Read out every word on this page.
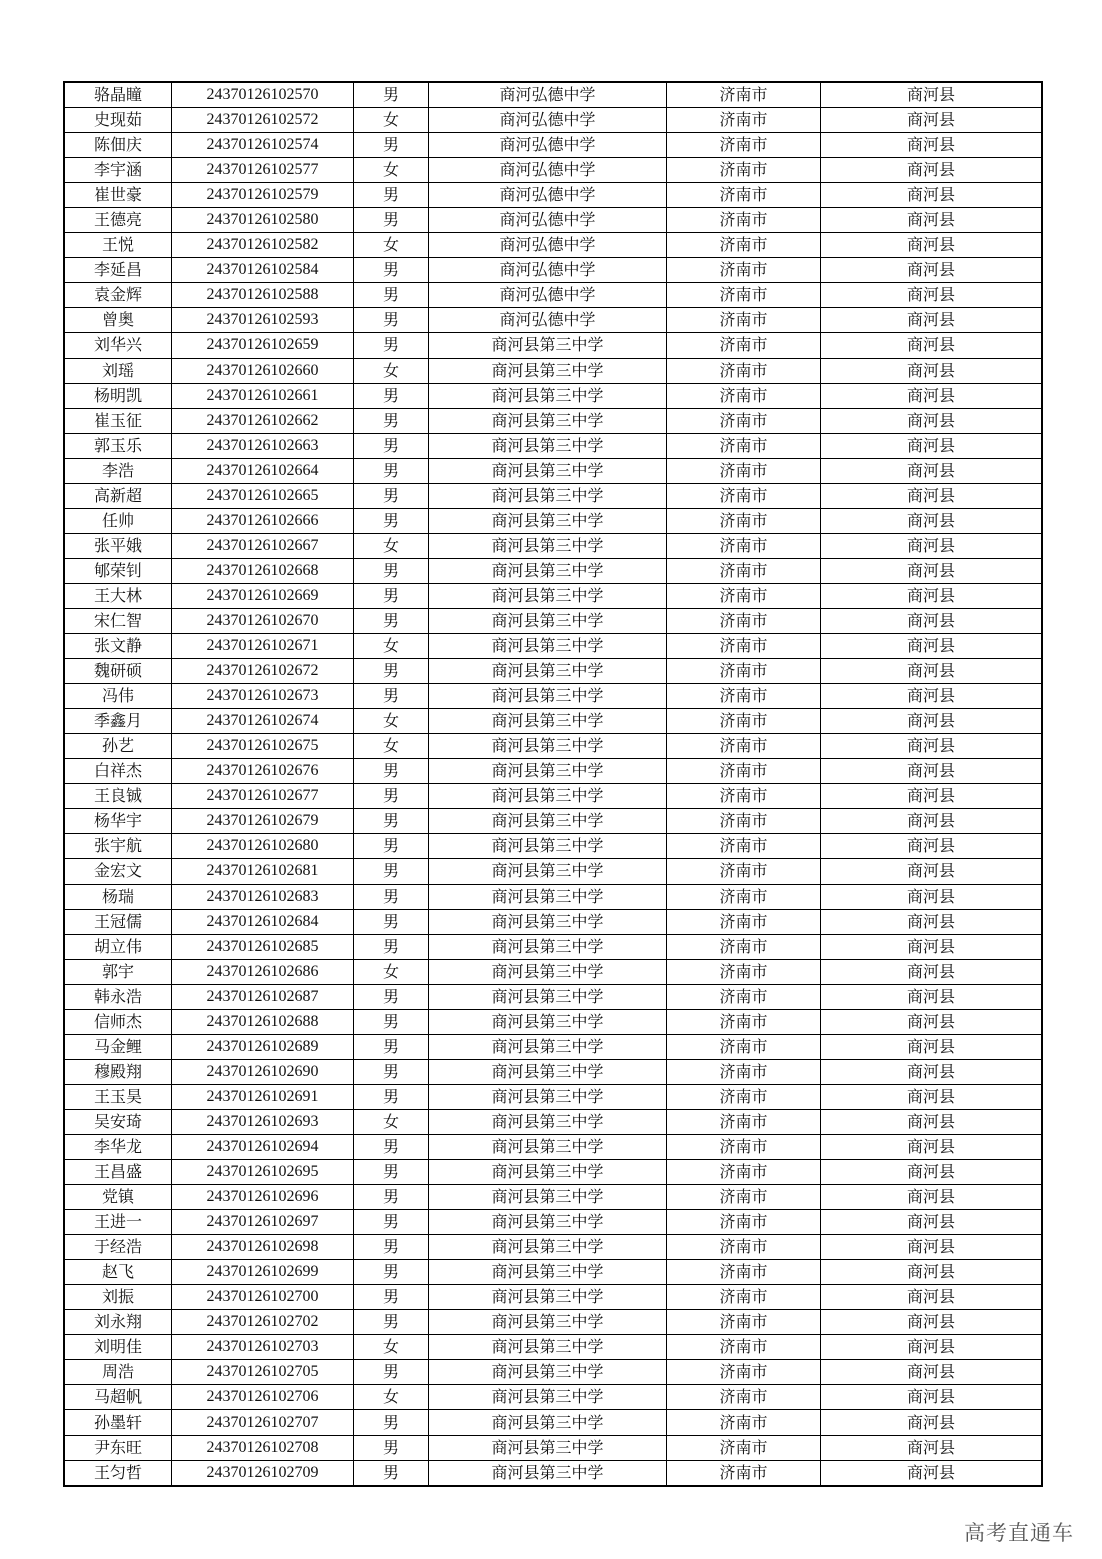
骆晶瞳	24370126102570	男	商河弘德中学	济南市	商河县
史现茹	24370126102572	女	商河弘德中学	济南市	商河县
陈佃庆	24370126102574	男	商河弘德中学	济南市	商河县
李宇涵	24370126102577	女	商河弘德中学	济南市	商河县
崔世豪	24370126102579	男	商河弘德中学	济南市	商河县
王德亮	24370126102580	男	商河弘德中学	济南市	商河县
王悦	24370126102582	女	商河弘德中学	济南市	商河县
李延昌	24370126102584	男	商河弘德中学	济南市	商河县
袁金辉	24370126102588	男	商河弘德中学	济南市	商河县
曾奥	24370126102593	男	商河弘德中学	济南市	商河县
刘华兴	24370126102659	男	商河县第三中学	济南市	商河县
刘瑶	24370126102660	女	商河县第三中学	济南市	商河县
杨明凯	24370126102661	男	商河县第三中学	济南市	商河县
崔玉征	24370126102662	男	商河县第三中学	济南市	商河县
郭玉乐	24370126102663	男	商河县第三中学	济南市	商河县
李浩	24370126102664	男	商河县第三中学	济南市	商河县
高新超	24370126102665	男	商河县第三中学	济南市	商河县
任帅	24370126102666	男	商河县第三中学	济南市	商河县
张平娥	24370126102667	女	商河县第三中学	济南市	商河县
郇荣钊	24370126102668	男	商河县第三中学	济南市	商河县
王大林	24370126102669	男	商河县第三中学	济南市	商河县
宋仁智	24370126102670	男	商河县第三中学	济南市	商河县
张文静	24370126102671	女	商河县第三中学	济南市	商河县
魏研硕	24370126102672	男	商河县第三中学	济南市	商河县
冯伟	24370126102673	男	商河县第三中学	济南市	商河县
季鑫月	24370126102674	女	商河县第三中学	济南市	商河县
孙艺	24370126102675	女	商河县第三中学	济南市	商河县
白祥杰	24370126102676	男	商河县第三中学	济南市	商河县
王良铖	24370126102677	男	商河县第三中学	济南市	商河县
杨华宇	24370126102679	男	商河县第三中学	济南市	商河县
张宇航	24370126102680	男	商河县第三中学	济南市	商河县
金宏文	24370126102681	男	商河县第三中学	济南市	商河县
杨瑞	24370126102683	男	商河县第三中学	济南市	商河县
王冠儒	24370126102684	男	商河县第三中学	济南市	商河县
胡立伟	24370126102685	男	商河县第三中学	济南市	商河县
郭宇	24370126102686	女	商河县第三中学	济南市	商河县
韩永浩	24370126102687	男	商河县第三中学	济南市	商河县
信师杰	24370126102688	男	商河县第三中学	济南市	商河县
马金鲤	24370126102689	男	商河县第三中学	济南市	商河县
穆殿翔	24370126102690	男	商河县第三中学	济南市	商河县
王玉昊	24370126102691	男	商河县第三中学	济南市	商河县
吴安琦	24370126102693	女	商河县第三中学	济南市	商河县
李华龙	24370126102694	男	商河县第三中学	济南市	商河县
王昌盛	24370126102695	男	商河县第三中学	济南市	商河县
党镇	24370126102696	男	商河县第三中学	济南市	商河县
王进一	24370126102697	男	商河县第三中学	济南市	商河县
于经浩	24370126102698	男	商河县第三中学	济南市	商河县
赵飞	24370126102699	男	商河县第三中学	济南市	商河县
刘振	24370126102700	男	商河县第三中学	济南市	商河县
刘永翔	24370126102702	男	商河县第三中学	济南市	商河县
刘明佳	24370126102703	女	商河县第三中学	济南市	商河县
周浩	24370126102705	男	商河县第三中学	济南市	商河县
马超帆	24370126102706	女	商河县第三中学	济南市	商河县
孙墨轩	24370126102707	男	商河县第三中学	济南市	商河县
尹东旺	24370126102708	男	商河县第三中学	济南市	商河县
王匀哲	24370126102709	男	商河县第三中学	济南市	商河县
高考直通车
